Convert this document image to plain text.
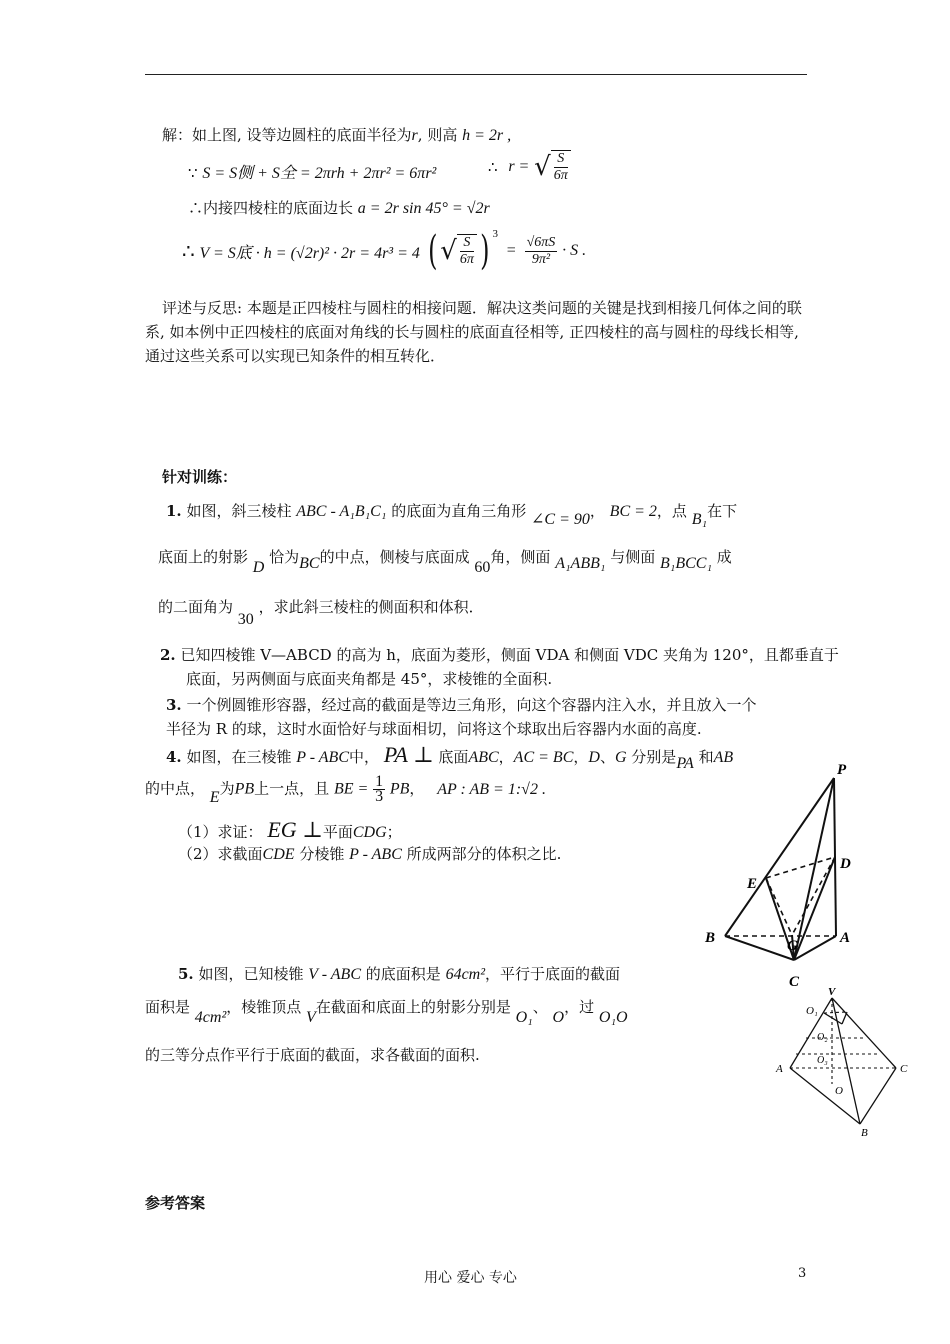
解：如上图, 设等边圆柱的底面半径为r, 则高 h = 2r ,
∵ S = S侧 + S全 = 2πrh + 2πr² = 6πr²	∴ r = √ $\frac{S}{6\pi}$
∴内接四棱柱的底面边长 a = 2r sin 45° = √2r
∴ V = S底 · h = (√2r)² · 2r = 4r³ = 4 ( √ $\frac{S}{6\pi}$ ) $^3 = \frac{√6\pi S}{\text{9π²}} \cdot S$ .
评述与反思: 本题是正四棱柱与圆柱的相接问题．解决这类问题的关键是找到相接几何体之间的联系, 如本例中正四棱柱的底面对角线的长与圆柱的底面直径相等, 正四棱柱的高与圆柱的母线长相等, 通过这些关系可以实现已知条件的相互转化．
针对训练：
1. 如图，斜三棱柱 ABC - A₁B₁C₁ 的底面为直角三角形 ∠C = 90， BC = 2，点 B₁在下
底面上的射影 D 恰为BC的中点，侧棱与底面成 60角，侧面 A₁ABB₁ 与侧面 B₁BCC₁ 成
的二面角为 30 ，求此斜三棱柱的侧面积和体积．
2. 已知四棱锥 V—ABCD 的高为 h，底面为菱形，侧面 VDA 和侧面 VDC 夹角为 120°，且都垂直于底面，另两侧面与底面夹角都是 45°，求棱锥的全面积.
3. 一个例圆锥形容器，经过高的截面是等边三角形，向这个容器内注入水，并且放入一个
半径为 R 的球，这时水面恰好与球面相切，问将这个球取出后容器内水面的高度.
4. 如图，在三棱锥 P - ABC中， PA ⊥ 底面ABC，AC = BC，D、G 分别是PA 和AB
的中点， E为PB上一点，且 BE = $\frac{1}{3}$ PB， AP : AB = 1:√2 .
（1）求证： EG ⊥平面CDG；
（2）求截面CDE 分棱锥 P - ABC 所成两部分的体积之比.
P
D
E
B	G	A
C
5. 如图，已知棱锥 V - ABC 的底面积是 64cm²，平行于底面的截面
面积是 4cm²，棱锥顶点 V在截面和底面上的射影分别是 O₁、 O，过 O₁O
的三等分点作平行于底面的截面，求各截面的面积.
V
O₁
O₂
O₃
A	C
O
B
参考答案
用心 爱心 专心	3
